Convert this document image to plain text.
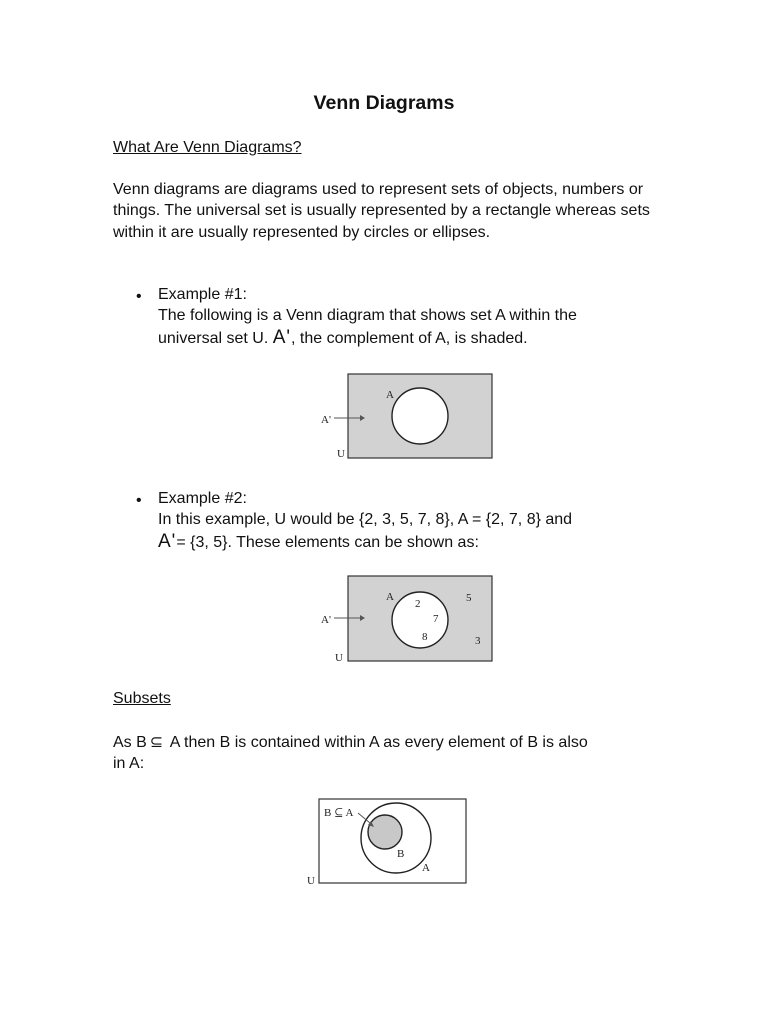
Venn Diagrams

What Are Venn Diagrams?

Venn diagrams are diagrams used to represent sets of objects, numbers or things. The universal set is usually represented by a rectangle whereas sets within it are usually represented by circles or ellipses.

• Example #1:
The following is a Venn diagram that shows set A within the
universal set U. A', the complement of A, is shaded.

A
A'
U
• Example #2:
In this example, U would be {2, 3, 5, 7, 8}, A = {2, 7, 8} and
A'= {3, 5}. These elements can be shown as:

A
2
7
8
5
3
A'
U

Subsets

As B ⊆ A then B is contained within A as every element of B is also
in A:

B ⊆ A
B
A
U
